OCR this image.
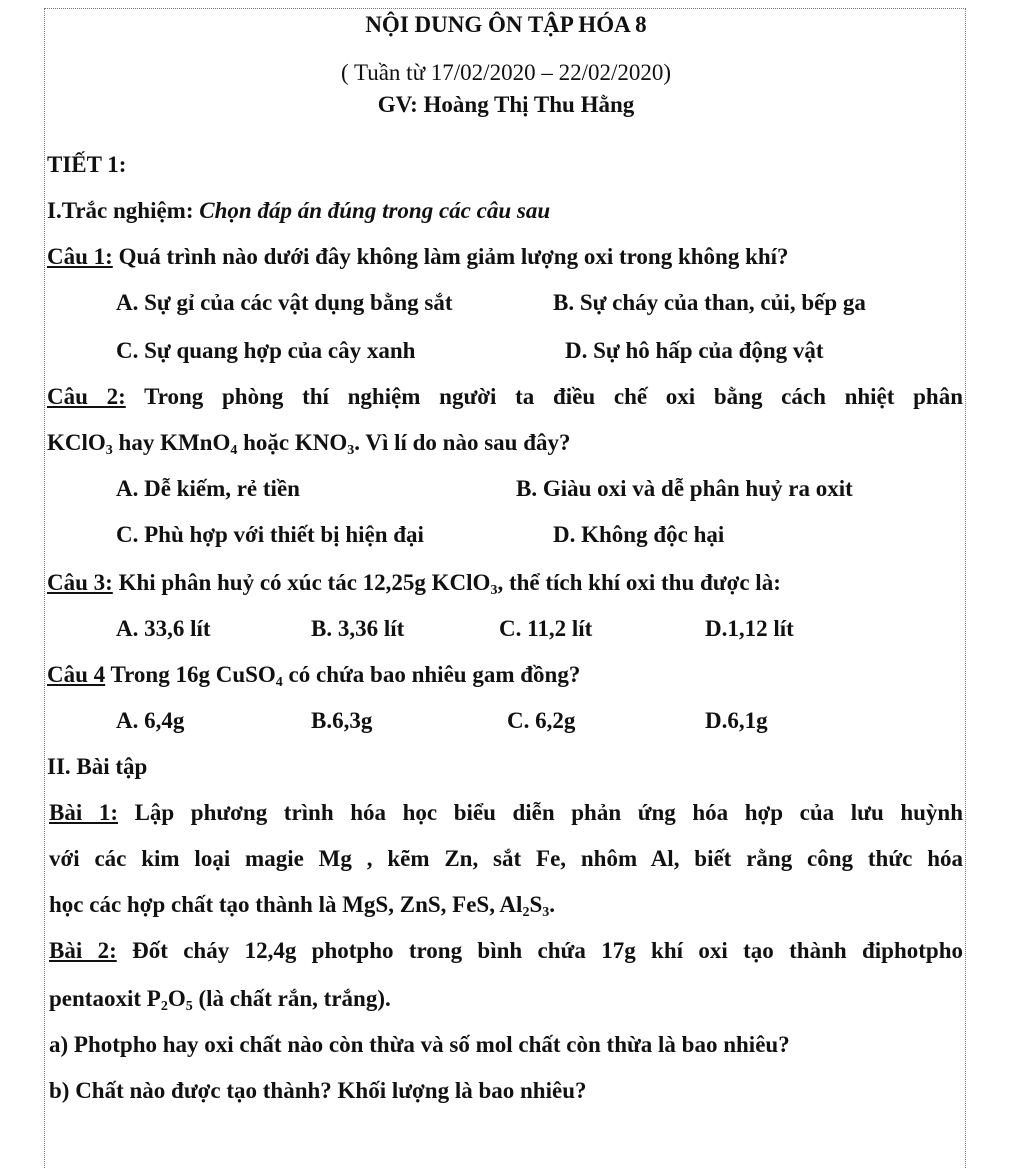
NỘI DUNG ÔN TẬP HÓA 8
( Tuần từ 17/02/2020 – 22/02/2020)
GV: Hoàng Thị Thu Hằng
TIẾT 1:
I.Trắc nghiệm: Chọn đáp án đúng trong các câu sau
Câu 1: Quá trình nào dưới đây không làm giảm lượng oxi trong không khí?
A. Sự gỉ của các vật dụng bằng sắt	B. Sự cháy của than, củi, bếp ga
C. Sự quang hợp của cây xanh	D. Sự hô hấp của động vật
Câu 2: Trong phòng thí nghiệm người ta điều chế oxi bằng cách nhiệt phân
KClO$_3$ hay KMnO$_4$ hoặc $KNO_3$. Vì lí do nào sau đây?
A. Dễ kiếm, rẻ tiền	B. Giàu oxi và dễ phân huỷ ra oxit
C. Phù hợp với thiết bị hiện đại	D. Không độc hại
Câu 3: Khi phân huỷ có xúc tác 12,25g KClO$_3$, thể tích khí oxi thu được là:
A. 33,6 lít	B. 3,36 lít	C. 11,2 lít	D.1,12 lít
Câu 4 Trong 16g CuSO$_4$ có chứa bao nhiêu gam đồng?
A. 6,4g	B.6,3g	C. 6,2g	D.6,1g
II. Bài tập
Bài 1: Lập phương trình hóa học biểu diễn phản ứng hóa hợp của lưu huỳnh
với các kim loại magie Mg , kẽm Zn, sắt Fe, nhôm Al, biết rằng công thức hóa
học các hợp chất tạo thành là MgS, ZnS, FeS, $Al_2S_3$.
Bài 2: Đốt cháy 12,4g photpho trong bình chứa 17g khí oxi tạo thành điphotpho
pentaoxit $P_2O_5$ (là chất rắn, trắng).
a) Photpho hay oxi chất nào còn thừa và số mol chất còn thừa là bao nhiêu?
b) Chất nào được tạo thành? Khối lượng là bao nhiêu?
